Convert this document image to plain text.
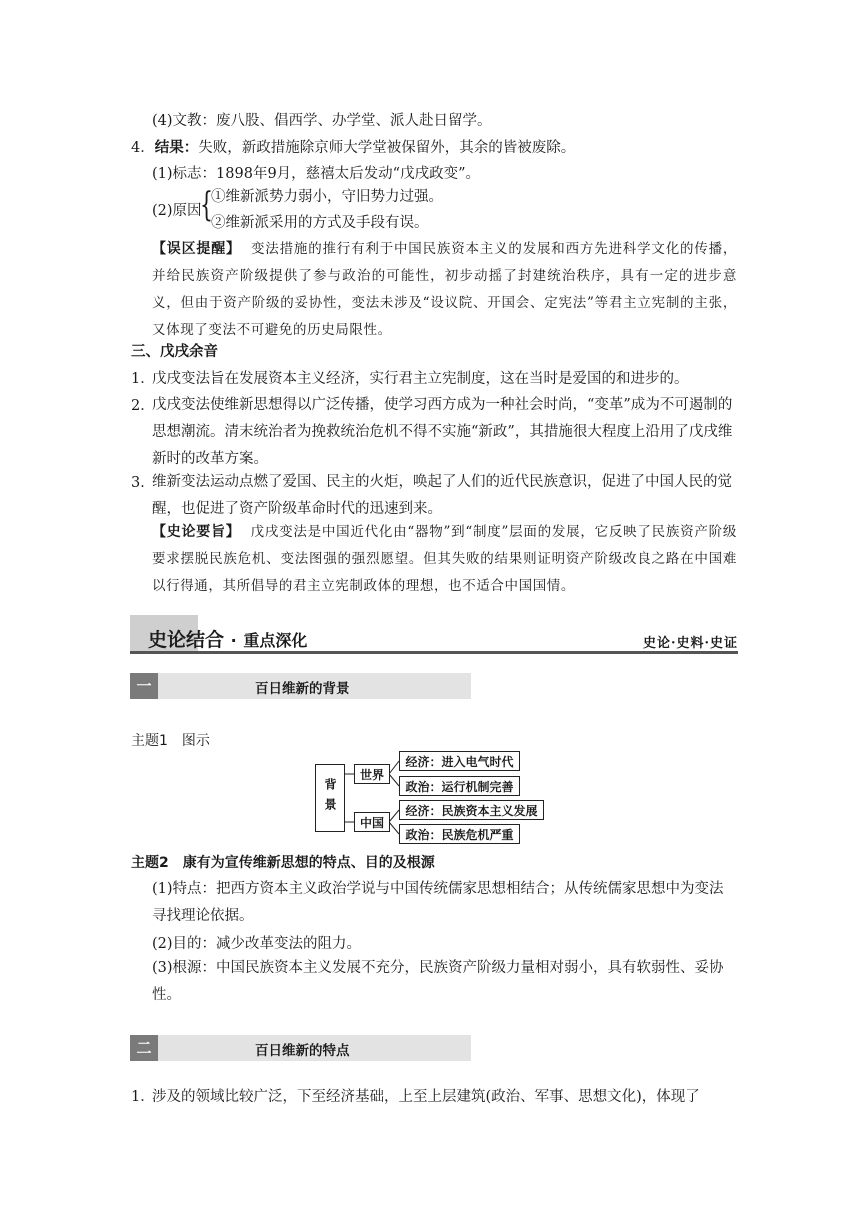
(4)文教：废八股、倡西学、办学堂、派人赴日留学。
4．结果：失败，新政措施除京师大学堂被保留外，其余的皆被废除。
(1)标志：1898年9月，慈禧太后发动“戊戌政变”。
(2)原因
{
①维新派势力弱小，守旧势力过强。
②维新派采用的方式及手段有误。
【误区提醒】 变法措施的推行有利于中国民族资本主义的发展和西方先进科学文化的传播，并给民族资产阶级提供了参与政治的可能性，初步动摇了封建统治秩序，具有一定的进步意义，但由于资产阶级的妥协性，变法未涉及“设议院、开国会、定宪法”等君主立宪制的主张，又体现了变法不可避免的历史局限性。
三、戊戌余音
1．
戊戌变法旨在发展资本主义经济，实行君主立宪制度，这在当时是爱国的和进步的。
2．
戊戌变法使维新思想得以广泛传播，使学习西方成为一种社会时尚，“变革”成为不可遏制的思想潮流。清末统治者为挽救统治危机不得不实施“新政”，其措施很大程度上沿用了戊戌维新时的改革方案。
3．
维新变法运动点燃了爱国、民主的火炬，唤起了人们的近代民族意识，促进了中国人民的觉醒，也促进了资产阶级革命时代的迅速到来。
【史论要旨】 戊戌变法是中国近代化由“器物”到“制度”层面的发展，它反映了民族资产阶级要求摆脱民族危机、变法图强的强烈愿望。但其失败的结果则证明资产阶级改良之路在中国难以行得通，其所倡导的君主立宪制政体的理想，也不适合中国国情。
史论结合 · 重点深化	史论·史料·史证
一	百日维新的背景
主题1　图示
背景
世界
中国
经济：进入电气时代
政治：运行机制完善
经济：民族资本主义发展
政治：民族危机严重
主题2　康有为宣传维新思想的特点、目的及根源
(1)特点：把西方资本主义政治学说与中国传统儒家思想相结合；从传统儒家思想中为变法寻找理论依据。
(2)目的：减少改革变法的阻力。
(3)根源：中国民族资本主义发展不充分，民族资产阶级力量相对弱小，具有软弱性、妥协性。
二	百日维新的特点
1．
涉及的领域比较广泛，下至经济基础，上至上层建筑(政治、军事、思想文化)，体现了
